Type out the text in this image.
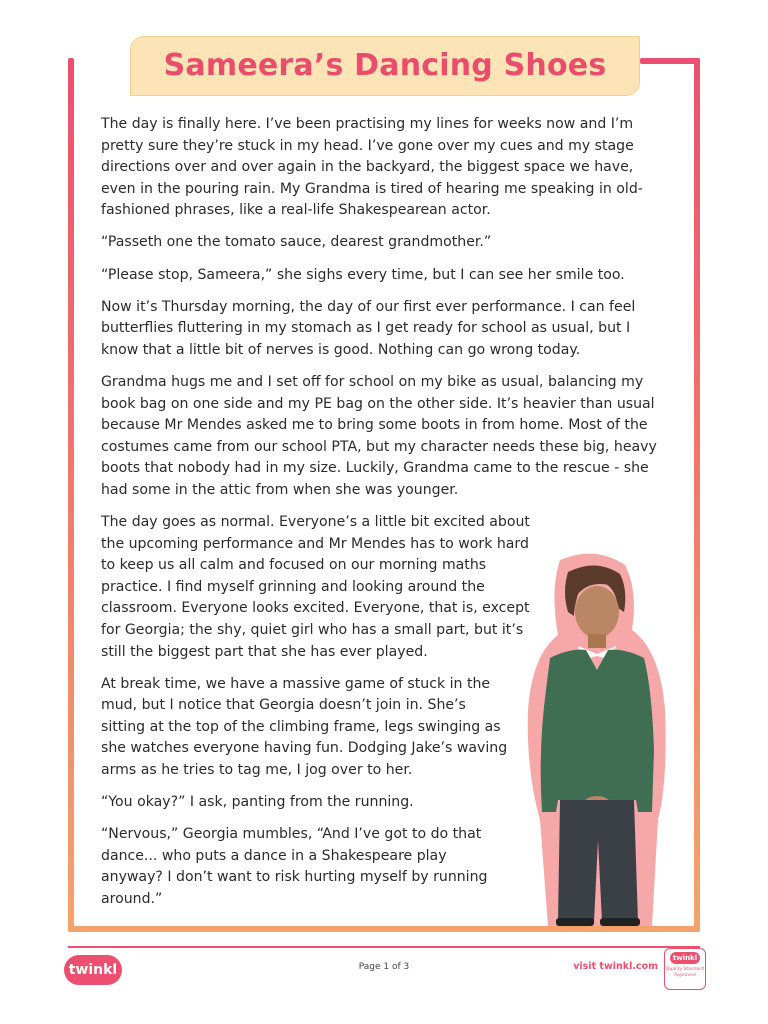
Sameera’s Dancing Shoes

The day is finally here. I’ve been practising my lines for weeks now and I’m pretty sure they’re stuck in my head. I’ve gone over my cues and my stage directions over and over again in the backyard, the biggest space we have, even in the pouring rain. My Grandma is tired of hearing me speaking in old-fashioned phrases, like a real-life Shakespearean actor.

“Passeth one the tomato sauce, dearest grandmother.”

“Please stop, Sameera,” she sighs every time, but I can see her smile too.

Now it’s Thursday morning, the day of our first ever performance. I can feel butterflies fluttering in my stomach as I get ready for school as usual, but I know that a little bit of nerves is good. Nothing can go wrong today.

Grandma hugs me and I set off for school on my bike as usual, balancing my book bag on one side and my PE bag on the other side. It’s heavier than usual because Mr Mendes asked me to bring some boots in from home. Most of the costumes came from our school PTA, but my character needs these big, heavy boots that nobody had in my size. Luckily, Grandma came to the rescue - she had some in the attic from when she was younger.

The day goes as normal. Everyone’s a little bit excited about the upcoming performance and Mr Mendes has to work hard to keep us all calm and focused on our morning maths practice. I find myself grinning and looking around the classroom. Everyone looks excited. Everyone, that is, except for Georgia; the shy, quiet girl who has a small part, but it’s still the biggest part that she has ever played.

At break time, we have a massive game of stuck in the mud, but I notice that Georgia doesn’t join in. She’s sitting at the top of the climbing frame, legs swinging as she watches everyone having fun. Dodging Jake’s waving arms as he tries to tag me, I jog over to her.

“You okay?” I ask, panting from the running.

“Nervous,” Georgia mumbles, “And I’ve got to do that dance... who puts a dance in a Shakespeare play anyway? I don’t want to risk hurting myself by running around.”

twinkl	Page 1 of 3	visit twinkl.com
twinkl
Quality Standard Approved
